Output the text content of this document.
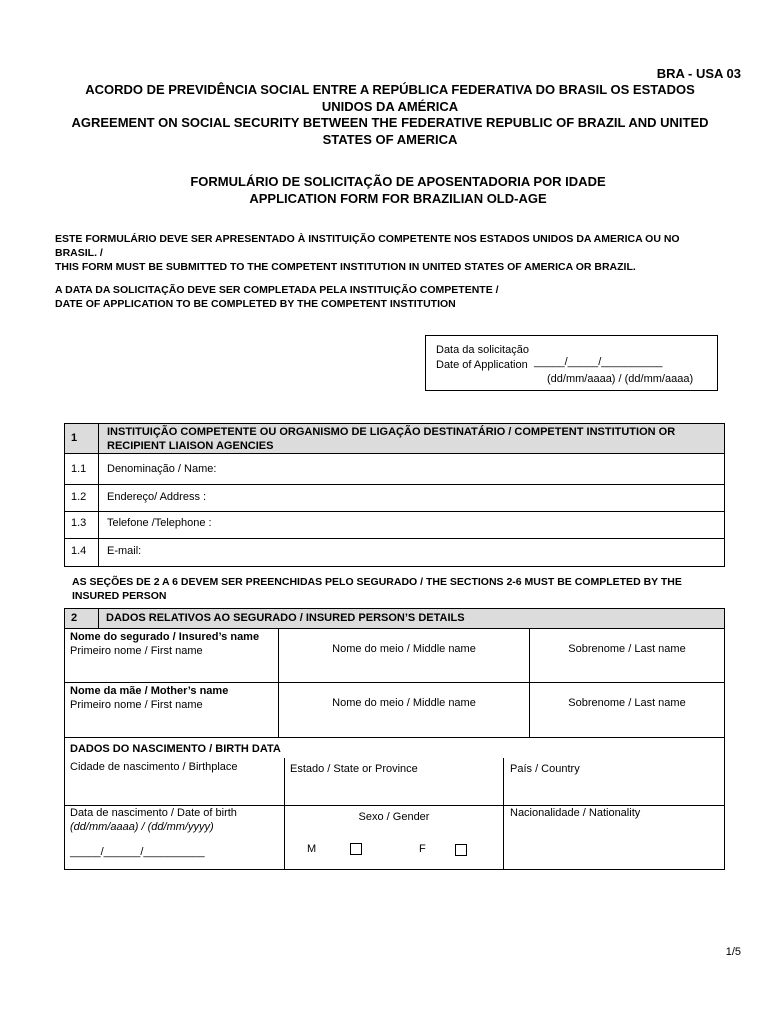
BRA - USA 03
ACORDO DE PREVIDÊNCIA SOCIAL ENTRE A REPÚBLICA FEDERATIVA DO BRASIL OS ESTADOS
UNIDOS DA AMÉRICA
AGREEMENT ON SOCIAL SECURITY BETWEEN THE FEDERATIVE REPUBLIC OF BRAZIL AND UNITED
STATES OF AMERICA
FORMULÁRIO DE SOLICITAÇÃO DE APOSENTADORIA POR IDADE
APPLICATION FORM FOR BRAZILIAN OLD-AGE
ESTE FORMULÁRIO DEVE SER APRESENTADO À INSTITUIÇÃO COMPETENTE NOS ESTADOS UNIDOS DA AMERICA OU NO
BRASIL. /
THIS FORM MUST BE SUBMITTED TO THE COMPETENT INSTITUTION IN UNITED STATES OF AMERICA OR BRAZIL.
A DATA DA SOLICITAÇÃO DEVE SER COMPLETADA PELA INSTITUIÇÃO COMPETENTE /
DATE OF APPLICATION TO BE COMPLETED BY THE COMPETENT INSTITUTION
Data da solicitação
Date of Application _____/_____/__________
(dd/mm/aaaa) / (dd/mm/aaaa)
1	INSTITUIÇÃO COMPETENTE OU ORGANISMO DE LIGAÇÃO DESTINATÁRIO / COMPETENT INSTITUTION OR
RECIPIENT LIAISON AGENCIES
1.1 Denominação / Name:
1.2 Endereço/ Address :
1.3 Telefone /Telephone :
1.4 E-mail:
AS SEÇÕES DE 2 A 6 DEVEM SER PREENCHIDAS PELO SEGURADO / THE SECTIONS 2-6 MUST BE COMPLETED BY THE
INSURED PERSON
2	DADOS RELATIVOS AO SEGURADO / INSURED PERSON’S DETAILS
Nome do segurado / Insured’s name
Primeiro nome / First name	Nome do meio / Middle name	Sobrenome / Last name
Nome da mãe / Mother’s name
Primeiro nome / First name	Nome do meio / Middle name	Sobrenome / Last name
DADOS DO NASCIMENTO / BIRTH DATA
Cidade de nascimento / Birthplace	Estado / State or Province	País / Country
Data de nascimento / Date of birth
(dd/mm/aaaa) / (dd/mm/yyyy)
_____/______/__________
Sexo / Gender
M	F
Nacionalidade / Nationality
1/5
